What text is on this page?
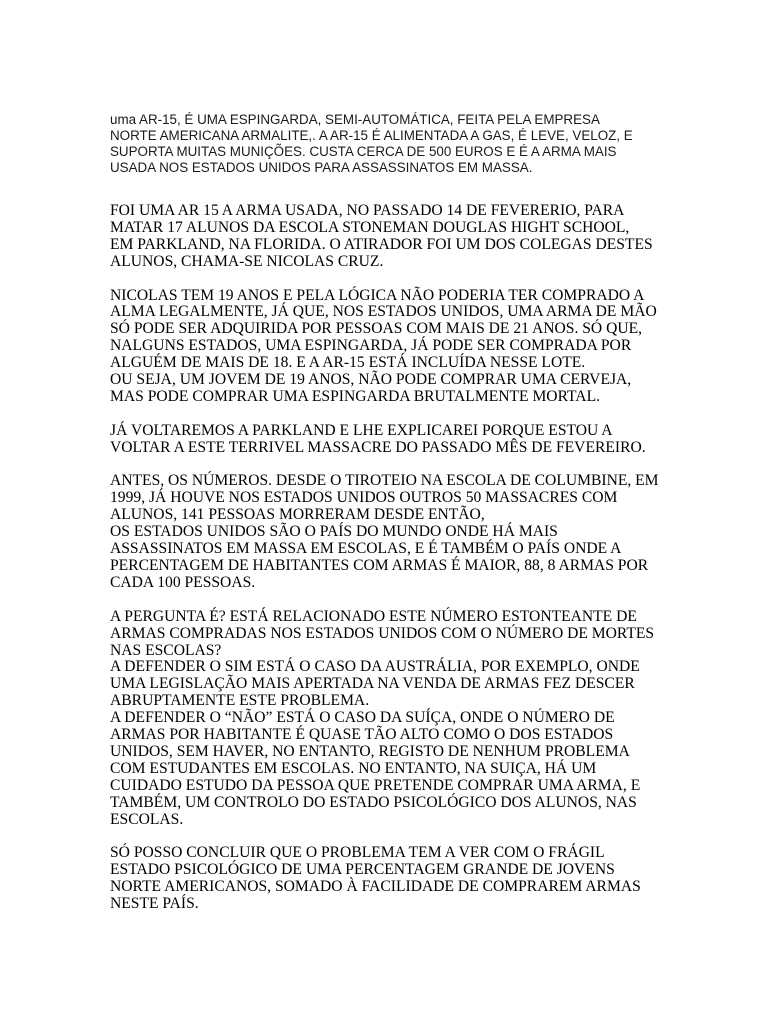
uma AR-15, É UMA ESPINGARDA, SEMI-AUTOMÁTICA, FEITA PELA EMPRESA
NORTE AMERICANA ARMALITE,. A AR-15 É ALIMENTADA A GAS, É LEVE, VELOZ, E
SUPORTA MUITAS MUNIÇÕES. CUSTA CERCA DE 500 EUROS E É A ARMA MAIS
USADA NOS ESTADOS UNIDOS PARA ASSASSINATOS EM MASSA.

FOI UMA AR 15 A ARMA USADA, NO PASSADO 14 DE FEVERERIO, PARA
MATAR 17 ALUNOS DA ESCOLA STONEMAN DOUGLAS HIGHT SCHOOL,
EM PARKLAND, NA FLORIDA. O ATIRADOR FOI UM DOS COLEGAS DESTES
ALUNOS, CHAMA-SE NICOLAS CRUZ.

NICOLAS TEM 19 ANOS E PELA LÓGICA NÃO PODERIA TER COMPRADO A
ALMA LEGALMENTE, JÁ QUE, NOS ESTADOS UNIDOS, UMA ARMA DE MÃO
SÓ PODE SER ADQUIRIDA POR PESSOAS COM MAIS DE 21 ANOS. SÓ QUE,
NALGUNS ESTADOS, UMA ESPINGARDA, JÁ PODE SER COMPRADA POR
ALGUÉM DE MAIS DE 18. E A AR-15 ESTÁ INCLUÍDA NESSE LOTE.
OU SEJA, UM JOVEM DE 19 ANOS, NÃO PODE COMPRAR UMA CERVEJA,
MAS PODE COMPRAR UMA ESPINGARDA BRUTALMENTE MORTAL.

JÁ VOLTAREMOS A PARKLAND E LHE EXPLICAREI PORQUE ESTOU A
VOLTAR A ESTE TERRIVEL MASSACRE DO PASSADO MÊS DE FEVEREIRO.

ANTES, OS NÚMEROS. DESDE O TIROTEIO NA ESCOLA DE COLUMBINE, EM
1999, JÁ HOUVE NOS ESTADOS UNIDOS OUTROS 50 MASSACRES COM
ALUNOS, 141 PESSOAS MORRERAM DESDE ENTÃO,
OS ESTADOS UNIDOS SÃO O PAÍS DO MUNDO ONDE HÁ MAIS
ASSASSINATOS EM MASSA EM ESCOLAS, E É TAMBÉM O PAÍS ONDE A
PERCENTAGEM DE HABITANTES COM ARMAS É MAIOR, 88, 8 ARMAS POR
CADA 100 PESSOAS.

A PERGUNTA É? ESTÁ RELACIONADO ESTE NÚMERO ESTONTEANTE DE
ARMAS COMPRADAS NOS ESTADOS UNIDOS COM O NÚMERO DE MORTES
NAS ESCOLAS?
A DEFENDER O SIM ESTÁ O CASO DA AUSTRÁLIA, POR EXEMPLO, ONDE
UMA LEGISLAÇÃO MAIS APERTADA NA VENDA DE ARMAS FEZ DESCER
ABRUPTAMENTE ESTE PROBLEMA.
A DEFENDER O “NÃO” ESTÁ O CASO DA SUÍÇA, ONDE O NÚMERO DE
ARMAS POR HABITANTE É QUASE TÃO ALTO COMO O DOS ESTADOS
UNIDOS, SEM HAVER, NO ENTANTO, REGISTO DE NENHUM PROBLEMA
COM ESTUDANTES EM ESCOLAS. NO ENTANTO, NA SUIÇA, HÁ UM
CUIDADO ESTUDO DA PESSOA QUE PRETENDE COMPRAR UMA ARMA, E
TAMBÉM, UM CONTROLO DO ESTADO PSICOLÓGICO DOS ALUNOS, NAS
ESCOLAS.

SÓ POSSO CONCLUIR QUE O PROBLEMA TEM A VER COM O FRÁGIL
ESTADO PSICOLÓGICO DE UMA PERCENTAGEM GRANDE DE JOVENS
NORTE AMERICANOS, SOMADO À FACILIDADE DE COMPRAREM ARMAS
NESTE PAÍS.
